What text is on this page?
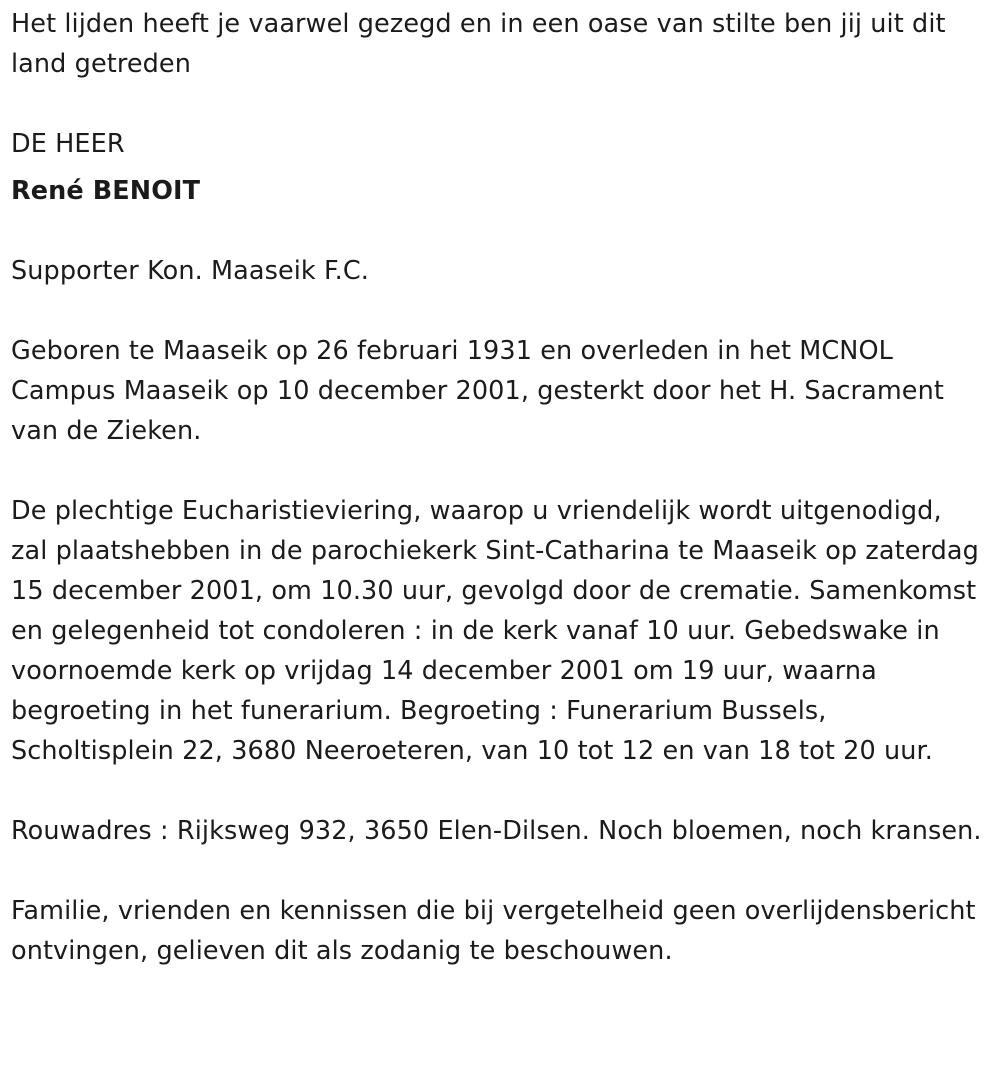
Het lijden heeft je vaarwel gezegd en in een oase van stilte ben jij uit dit land getreden

DE HEER

René BENOIT

Supporter Kon. Maaseik F.C.

Geboren te Maaseik op 26 februari 1931 en overleden in het MCNOL Campus Maaseik op 10 december 2001, gesterkt door het H. Sacrament van de Zieken.

De plechtige Eucharistieviering, waarop u vriendelijk wordt uitgenodigd, zal plaatshebben in de parochiekerk Sint-Catharina te Maaseik op zaterdag 15 december 2001, om 10.30 uur, gevolgd door de crematie. Samenkomst en gelegenheid tot condoleren : in de kerk vanaf 10 uur. Gebedswake in voornoemde kerk op vrijdag 14 december 2001 om 19 uur, waarna begroeting in het funerarium. Begroeting : Funerarium Bussels, Scholtisplein 22, 3680 Neeroeteren, van 10 tot 12 en van 18 tot 20 uur.

Rouwadres : Rijksweg 932, 3650 Elen-Dilsen. Noch bloemen, noch kransen.

Familie, vrienden en kennissen die bij vergetelheid geen overlijdensbericht ontvingen, gelieven dit als zodanig te beschouwen.
